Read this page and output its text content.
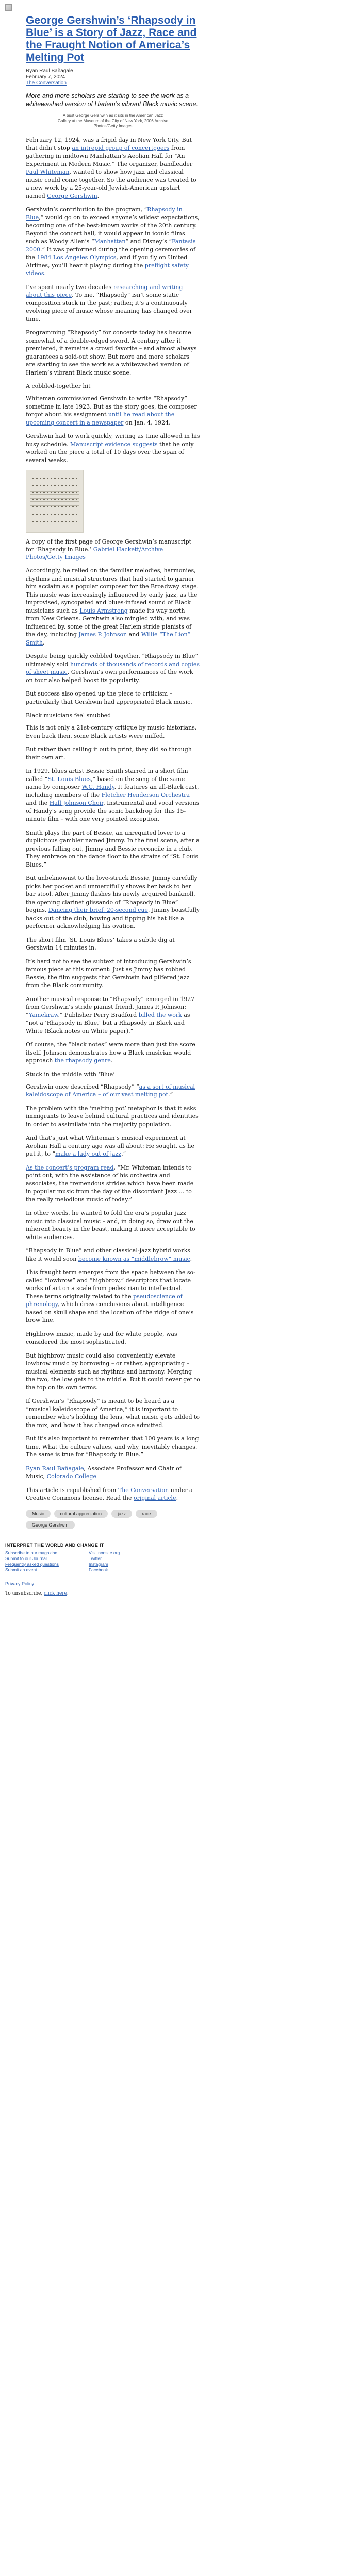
George Gershwin’s ‘Rhapsody in Blue’ is a Story of Jazz, Race and the Fraught Notion of America’s Melting Pot
Ryan Raul Bañagale
February 7, 2024
The Conversation
More and more scholars are starting to see the work as a whitewashed version of Harlem’s vibrant Black music scene.
A bust George Gershwin as it sits in the American Jazz Gallery at the Museum of the City of New York, 2006 Archive Photos/Getty Images

February 12, 1924, was a frigid day in New York City. But that didn’t stop an intrepid group of concertgoers from gathering in midtown Manhattan’s Aeolian Hall for “An Experiment in Modern Music.” The organizer, bandleader Paul Whiteman, wanted to show how jazz and classical music could come together. So the audience was treated to a new work by a 25-year-old Jewish-American upstart named George Gershwin.

Gershwin’s contribution to the program, “Rhapsody in Blue,” would go on to exceed anyone’s wildest expectations, becoming one of the best-known works of the 20th century. Beyond the concert hall, it would appear in iconic films such as Woody Allen’s “Manhattan” and Disney’s “Fantasia 2000.” It was performed during the opening ceremonies of the 1984 Los Angeles Olympics, and if you fly on United Airlines, you’ll hear it playing during the preflight safety videos.

I’ve spent nearly two decades researching and writing about this piece. To me, “Rhapsody” isn’t some static composition stuck in the past; rather, it’s a continuously evolving piece of music whose meaning has changed over time.

Programming “Rhapsody” for concerts today has become somewhat of a double-edged sword. A century after it premiered, it remains a crowd favorite – and almost always guarantees a sold-out show. But more and more scholars are starting to see the work as a whitewashed version of Harlem’s vibrant Black music scene.

A cobbled-together hit

Whiteman commissioned Gershwin to write “Rhapsody” sometime in late 1923. But as the story goes, the composer forgot about his assignment until he read about the upcoming concert in a newspaper on Jan. 4, 1924.

Gershwin had to work quickly, writing as time allowed in his busy schedule. Manuscript evidence suggests that he only worked on the piece a total of 10 days over the span of several weeks.

A copy of the first page of George Gershwin’s manuscript for ‘Rhapsody in Blue.’ Gabriel Hackett/Archive Photos/Getty Images

Accordingly, he relied on the familiar melodies, harmonies, rhythms and musical structures that had started to garner him acclaim as a popular composer for the Broadway stage. This music was increasingly influenced by early jazz, as the improvised, syncopated and blues-infused sound of Black musicians such as Louis Armstrong made its way north from New Orleans. Gershwin also mingled with, and was influenced by, some of the great Harlem stride pianists of the day, including James P. Johnson and Willie “The Lion” Smith.

Despite being quickly cobbled together, “Rhapsody in Blue” ultimately sold hundreds of thousands of records and copies of sheet music. Gershwin’s own performances of the work on tour also helped boost its popularity.

But success also opened up the piece to criticism – particularly that Gershwin had appropriated Black music.

Black musicians feel snubbed

This is not only a 21st-century critique by music historians. Even back then, some Black artists were miffed.

But rather than calling it out in print, they did so through their own art.

In 1929, blues artist Bessie Smith starred in a short film called “St. Louis Blues,” based on the song of the same name by composer W.C. Handy. It features an all-Black cast, including members of the Fletcher Henderson Orchestra and the Hall Johnson Choir. Instrumental and vocal versions of Handy’s song provide the sonic backdrop for this 15-minute film – with one very pointed exception.

Smith plays the part of Bessie, an unrequited lover to a duplicitous gambler named Jimmy. In the final scene, after a previous falling out, Jimmy and Bessie reconcile in a club. They embrace on the dance floor to the strains of “St. Louis Blues.”

But unbeknownst to the love-struck Bessie, Jimmy carefully picks her pocket and unmercifully shoves her back to her bar stool. After Jimmy flashes his newly acquired banknoll, the opening clarinet glissando of “Rhapsody in Blue” begins. Dancing their brief, 20-second cue, Jimmy boastfully backs out of the club, bowing and tipping his hat like a performer acknowledging his ovation.

The short film ‘St. Louis Blues’ takes a subtle dig at Gershwin 14 minutes in.

It’s hard not to see the subtext of introducing Gershwin’s famous piece at this moment: Just as Jimmy has robbed Bessie, the film suggests that Gershwin had pilfered jazz from the Black community.

Another musical response to “Rhapsody” emerged in 1927 from Gershwin’s stride pianist friend, James P. Johnson: “Yamekraw.” Publisher Perry Bradford billed the work as “not a ‘Rhapsody in Blue,’ but a Rhapsody in Black and White (Black notes on White paper).”

Of course, the “black notes” were more than just the score itself. Johnson demonstrates how a Black musician would approach the rhapsody genre.

Stuck in the middle with ‘Blue’

Gershwin once described “Rhapsody” “as a sort of musical kaleidoscope of America – of our vast melting pot.”

The problem with the ‘melting pot’ metaphor is that it asks immigrants to leave behind cultural practices and identities in order to assimilate into the majority population.

And that’s just what Whiteman’s musical experiment at Aeolian Hall a century ago was all about: He sought, as he put it, to “make a lady out of jazz.”

As the concert’s program read, “Mr. Whiteman intends to point out, with the assistance of his orchestra and associates, the tremendous strides which have been made in popular music from the day of the discordant Jazz … to the really melodious music of today.”

In other words, he wanted to fold the era’s popular jazz music into classical music – and, in doing so, draw out the inherent beauty in the beast, making it more acceptable to white audiences.

“Rhapsody in Blue” and other classical-jazz hybrid works like it would soon become known as “middlebrow” music.

This fraught term emerges from the space between the so-called “lowbrow” and “highbrow,” descriptors that locate works of art on a scale from pedestrian to intellectual. These terms originally related to the pseudoscience of phrenology, which drew conclusions about intelligence based on skull shape and the location of the ridge of one’s brow line.

Highbrow music, made by and for white people, was considered the most sophisticated.

But highbrow music could also conveniently elevate lowbrow music by borrowing – or rather, appropriating – musical elements such as rhythms and harmony. Merging the two, the low gets to the middle. But it could never get to the top on its own terms.

If Gershwin’s “Rhapsody” is meant to be heard as a “musical kaleidoscope of America,” it is important to remember who’s holding the lens, what music gets added to the mix, and how it has changed once admitted.

But it’s also important to remember that 100 years is a long time. What the culture values, and why, inevitably changes. The same is true for “Rhapsody in Blue.”

Ryan Raul Bañagale, Associate Professor and Chair of Music, Colorado College

This article is republished from The Conversation under a Creative Commons license. Read the original article.

Music	cultural appreciation	jazz	race
George Gershwin
INTERPRET THE WORLD AND CHANGE IT
Subscribe to our magazine
Submit to our Journal
Frequently asked questions
Submit an event
Visit nonsite.org
Twitter
Instagram
Facebook
Privacy Policy
To unsubscribe, click here.
